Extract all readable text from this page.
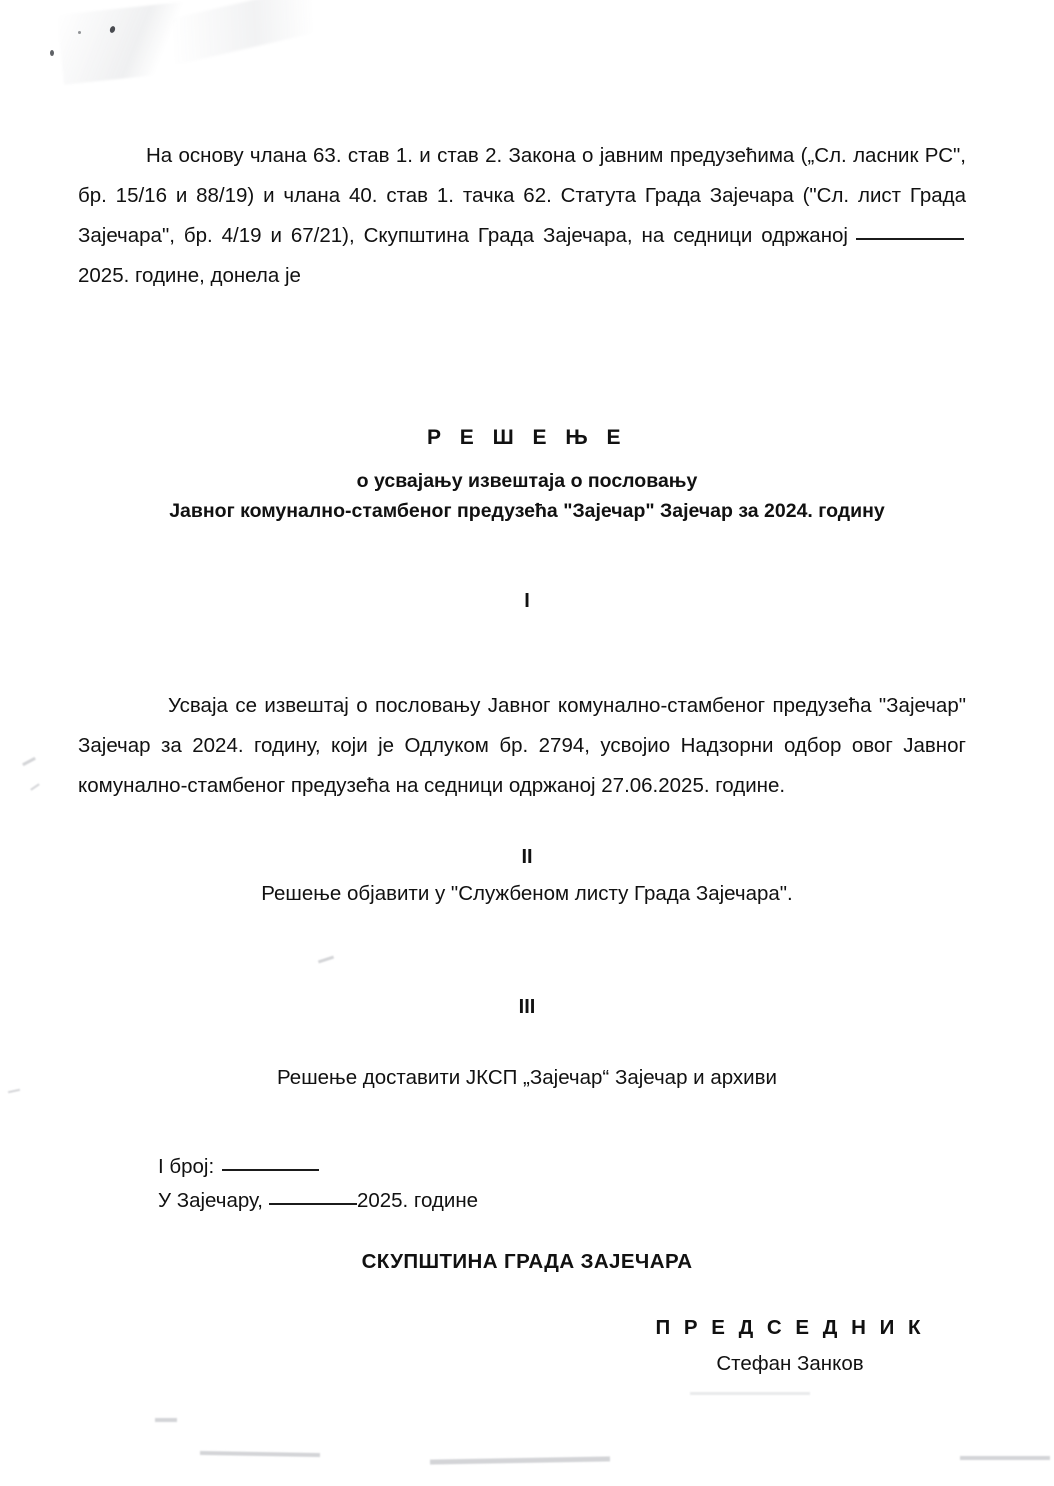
На основу члана 63. став 1. и став 2. Закона о јавним предузећима („Сл. ласник РС", бр. 15/16 и 88/19) и члана 40. став 1. тачка 62. Статута Града Зајечара ("Сл. лист Града Зајечара", бр. 4/19 и 67/21), Скупштина Града Зајечара, на седници одржаној2025. године, донела је

Р Е Ш Е Њ Е
о усвајању извештаја о пословању
Јавног комунално-стамбеног предузећа "Зајечар" Зајечар за 2024. годину
I

Усваја се извештај о пословању Јавног комунално-стамбеног предузећа "Зајечар" Зајечар за 2024. годину, који је Одлуком бр. 2794, усвојио Надзорни одбор овог Јавног комунално-стамбеног предузећа на седници одржаној 27.06.2025. године.

II
Решење објавити у "Службеном листу Града Зајечара".
III
Решење доставити ЈКСП „Зајечар“ Зајечар и архиви
I број:
У Зајечару,	2025. године
СКУПШТИНА ГРАДА ЗАЈЕЧАРА
П Р Е Д С Е Д Н И К
Стефан Занков
